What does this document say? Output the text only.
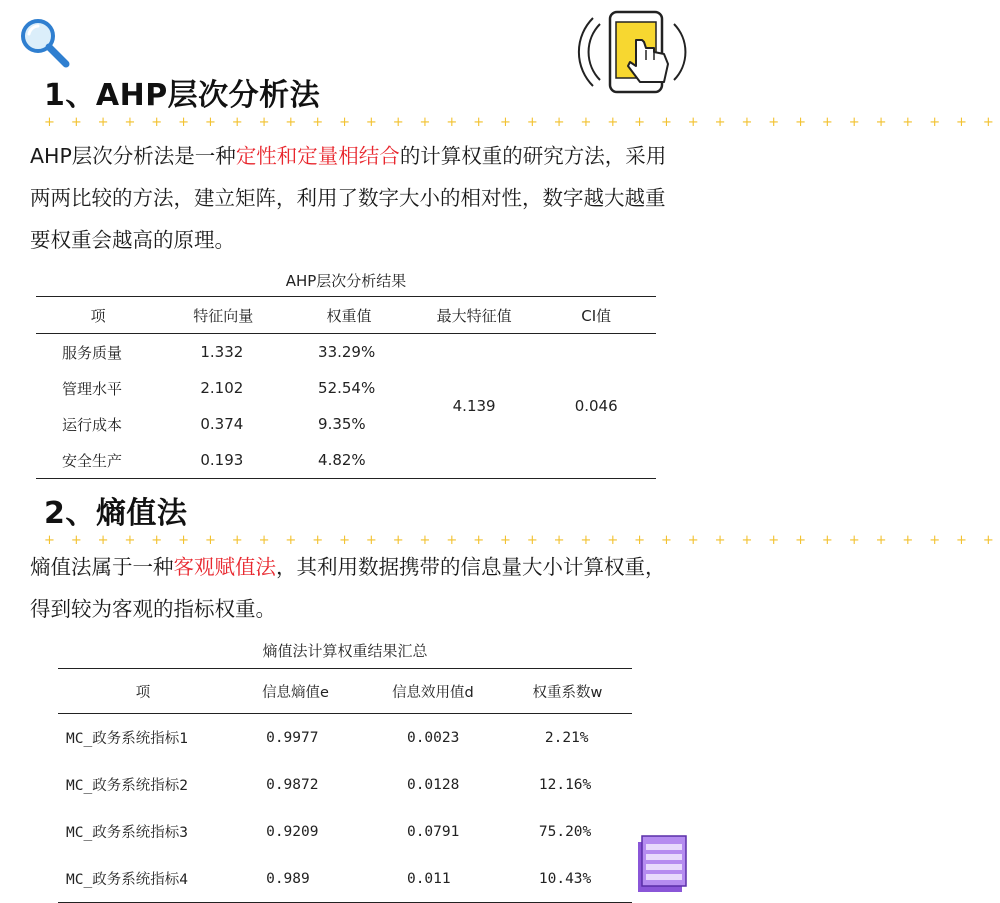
1、AHP层次分析法
+ + + + + + + + + + + + + + + + + + + + + + + + + + + + + + + + + + + +
AHP层次分析法是一种定性和定量相结合的计算权重的研究方法，采用两两比较的方法，建立矩阵，利用了数字大小的相对性，数字越大越重要权重会越高的原理。
AHP层次分析结果
项	特征向量	权重值	最大特征值	CI值
服务质量	1.332	33.29%	4.139	0.046
管理水平	2.102	52.54%		
运行成本	0.374	9.35%		
安全生产	0.193	4.82%		
2、熵值法
+ + + + + + + + + + + + + + + + + + + + + + + + + + + + + + + + + + + +
熵值法属于一种客观赋值法，其利用数据携带的信息量大小计算权重，得到较为客观的指标权重。
熵值法计算权重结果汇总
项	信息熵值e	信息效用值d	权重系数w
MC_政务系统指标1	0.9977	0.0023	2.21%
MC_政务系统指标2	0.9872	0.0128	12.16%
MC_政务系统指标3	0.9209	0.0791	75.20%
MC_政务系统指标4	0.989	0.011	10.43%
